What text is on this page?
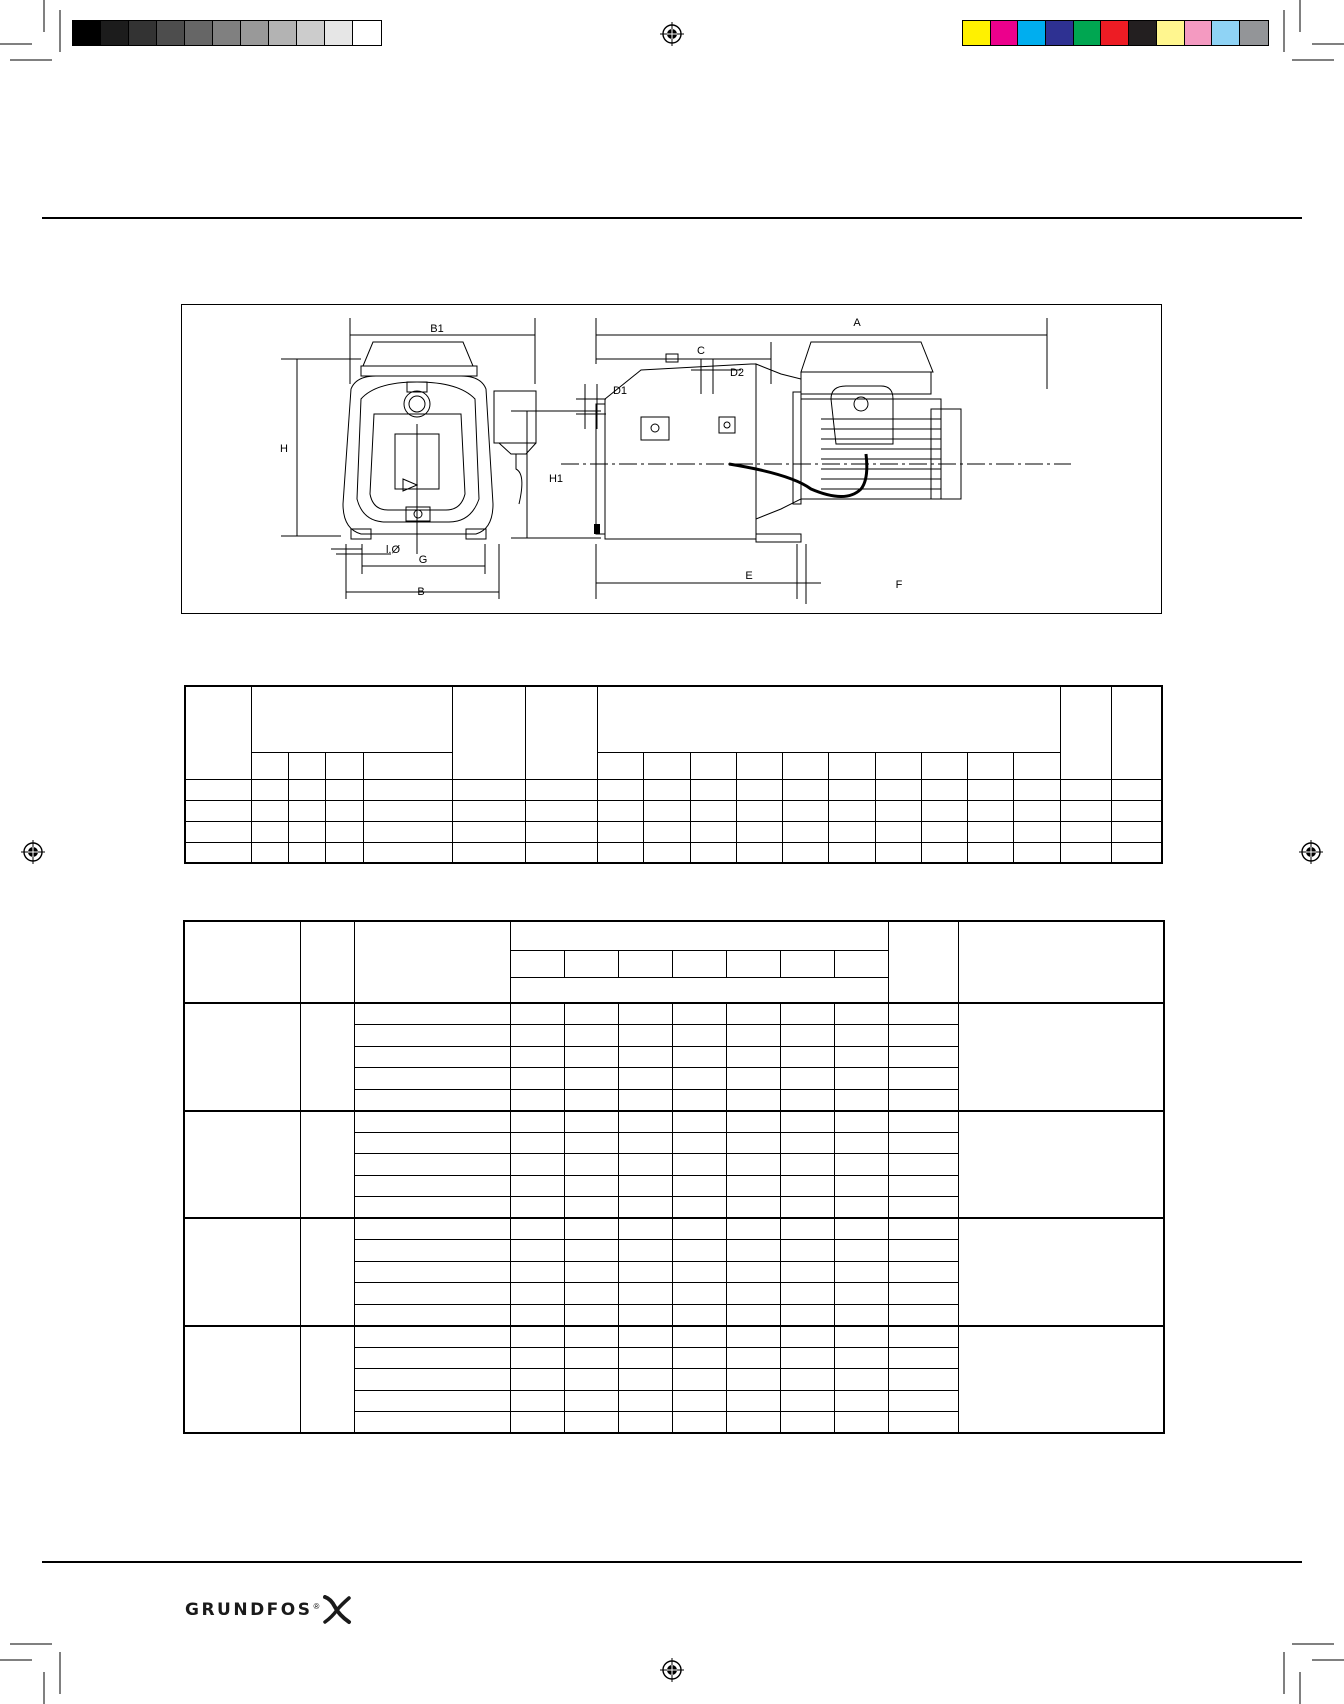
B1
H
l.Ø
G
B
A
C
D2
D1
H1
E
F

GRUNDFOS ®
